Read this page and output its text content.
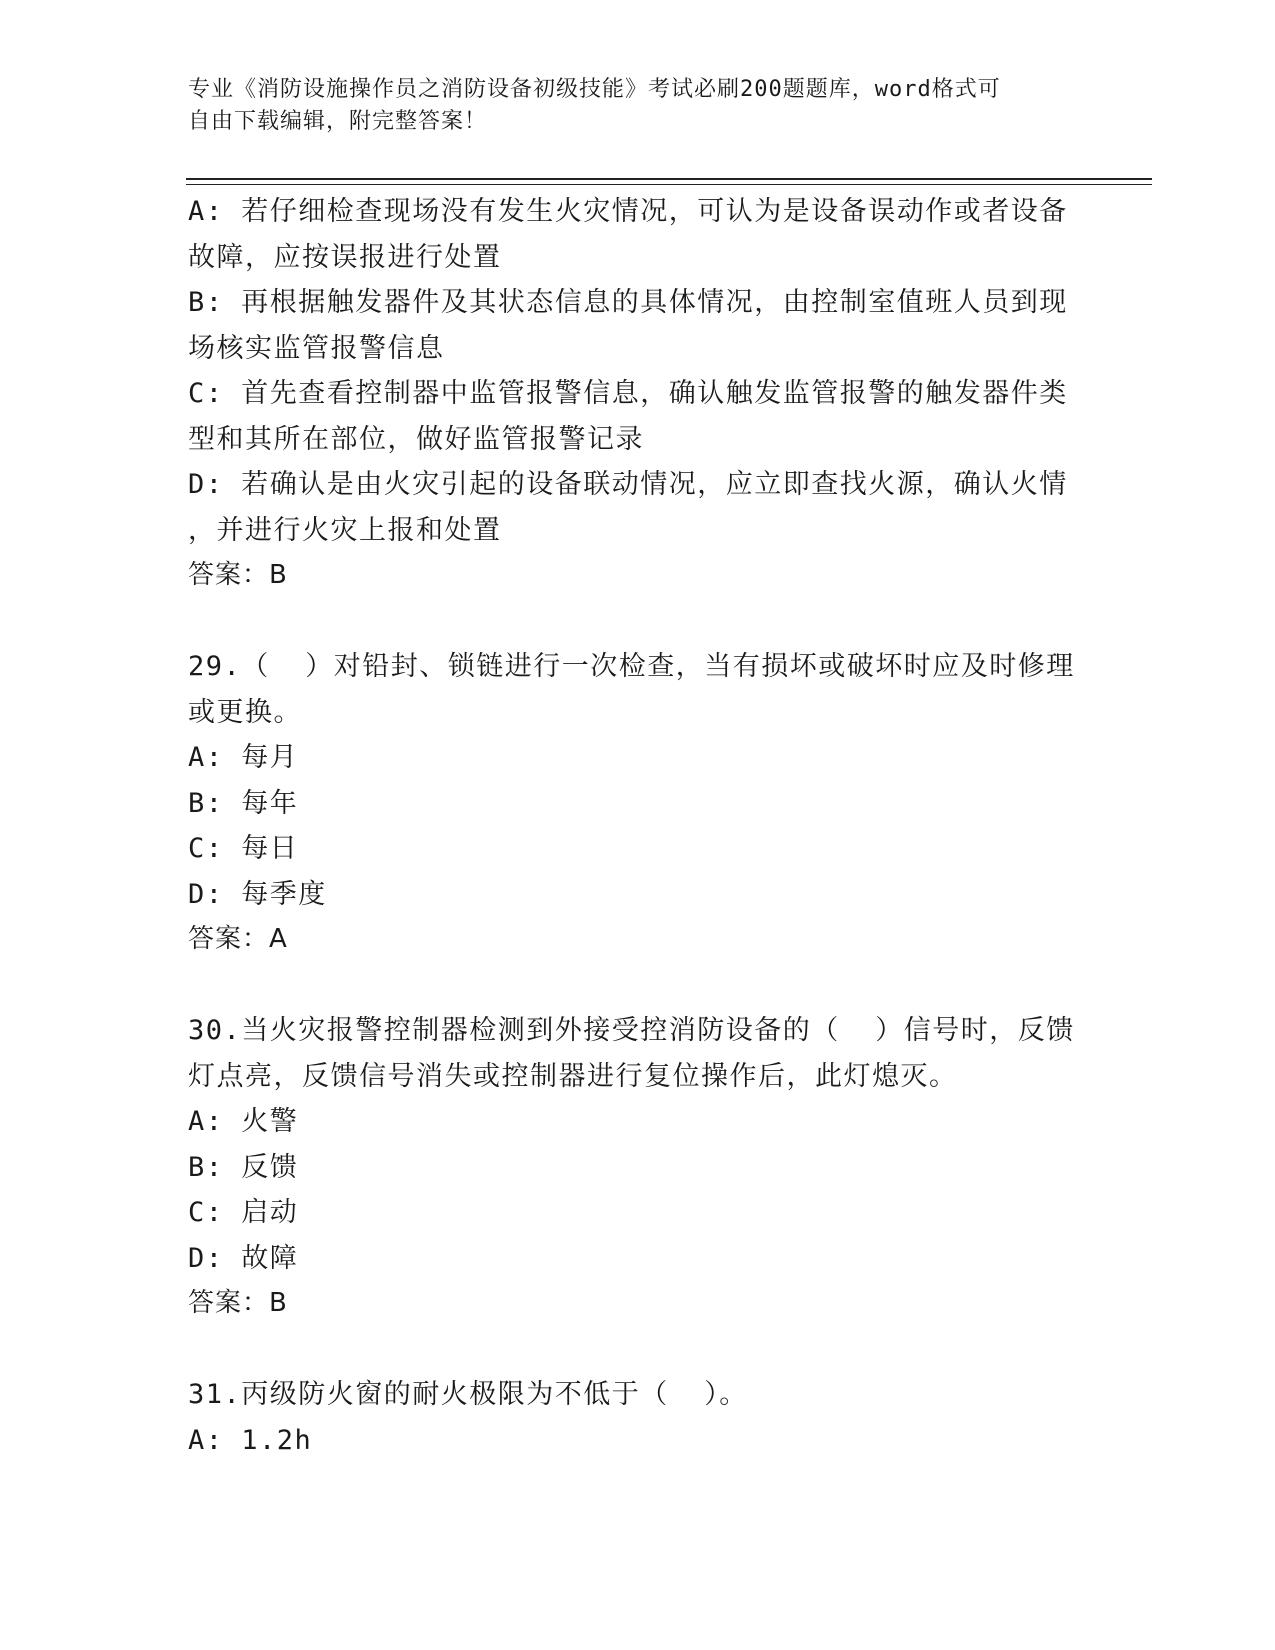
专业《消防设施操作员之消防设备初级技能》考试必刷200题题库，word格式可
自由下载编辑，附完整答案！
A: 若仔细检查现场没有发生火灾情况，可认为是设备误动作或者设备
故障，应按误报进行处置
B: 再根据触发器件及其状态信息的具体情况，由控制室值班人员到现
场核实监管报警信息
C: 首先查看控制器中监管报警信息，确认触发监管报警的触发器件类
型和其所在部位，做好监管报警记录
D: 若确认是由火灾引起的设备联动情况，应立即查找火源，确认火情
，并进行火灾上报和处置
答案：B
29.（  ）对铅封、锁链进行一次检查，当有损坏或破坏时应及时修理
或更换。
A: 每月
B: 每年
C: 每日
D: 每季度
答案：A
30.当火灾报警控制器检测到外接受控消防设备的（  ）信号时，反馈
灯点亮，反馈信号消失或控制器进行复位操作后，此灯熄灭。
A: 火警
B: 反馈
C: 启动
D: 故障
答案：B
31.丙级防火窗的耐火极限为不低于（  ）。
A: 1.2h
